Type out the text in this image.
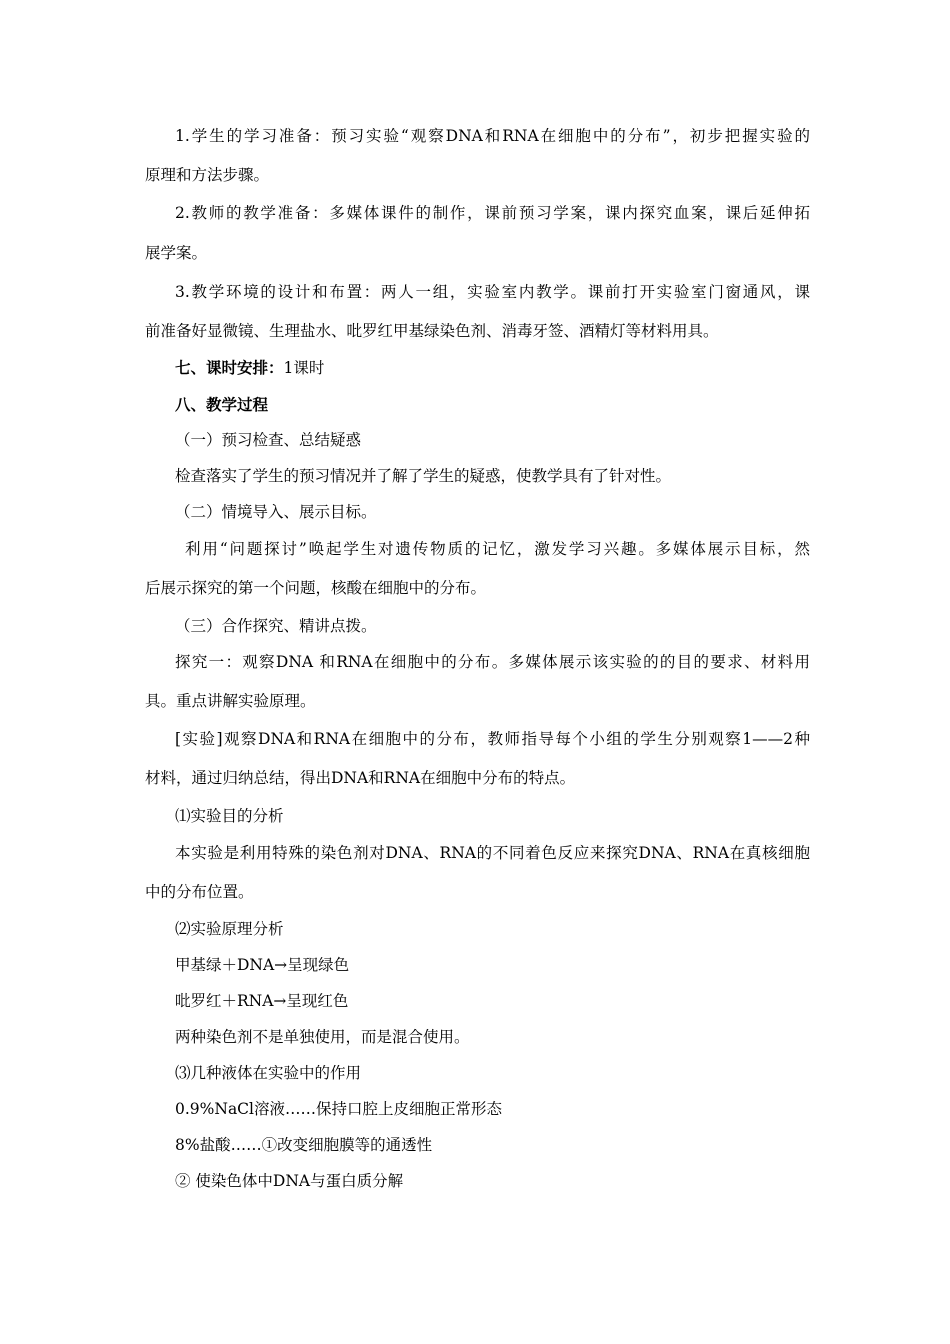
1.学生的学习准备：预习实验“观察DNA和RNA在细胞中的分布”，初步把握实验的
原理和方法步骤。
2.教师的教学准备：多媒体课件的制作，课前预习学案，课内探究血案，课后延伸拓
展学案。
3.教学环境的设计和布置：两人一组，实验室内教学。课前打开实验室门窗通风，课
前准备好显微镜、生理盐水、吡罗红甲基绿染色剂、消毒牙签、酒精灯等材料用具。
七、课时安排：1课时
八、教学过程
（一）预习检查、总结疑惑
检查落实了学生的预习情况并了解了学生的疑惑，使教学具有了针对性。
（二）情境导入、展示目标。
利用“问题探讨”唤起学生对遗传物质的记忆，激发学习兴趣。多媒体展示目标，然
后展示探究的第一个问题，核酸在细胞中的分布。
（三）合作探究、精讲点拨。
探究一：观察DNA 和RNA在细胞中的分布。多媒体展示该实验的的目的要求、材料用
具。重点讲解实验原理。
[实验]观察DNA和RNA在细胞中的分布，教师指导每个小组的学生分别观察1——2种
材料，通过归纳总结，得出DNA和RNA在细胞中分布的特点。
⑴实验目的分析
本实验是利用特殊的染色剂对DNA、RNA的不同着色反应来探究DNA、RNA在真核细胞
中的分布位置。
⑵实验原理分析
甲基绿＋DNA→呈现绿色
吡罗红＋RNA→呈现红色
两种染色剂不是单独使用，而是混合使用。
⑶几种液体在实验中的作用
0.9%NaCl溶液……保持口腔上皮细胞正常形态
8%盐酸……①改变细胞膜等的通透性
② 使染色体中DNA与蛋白质分解
